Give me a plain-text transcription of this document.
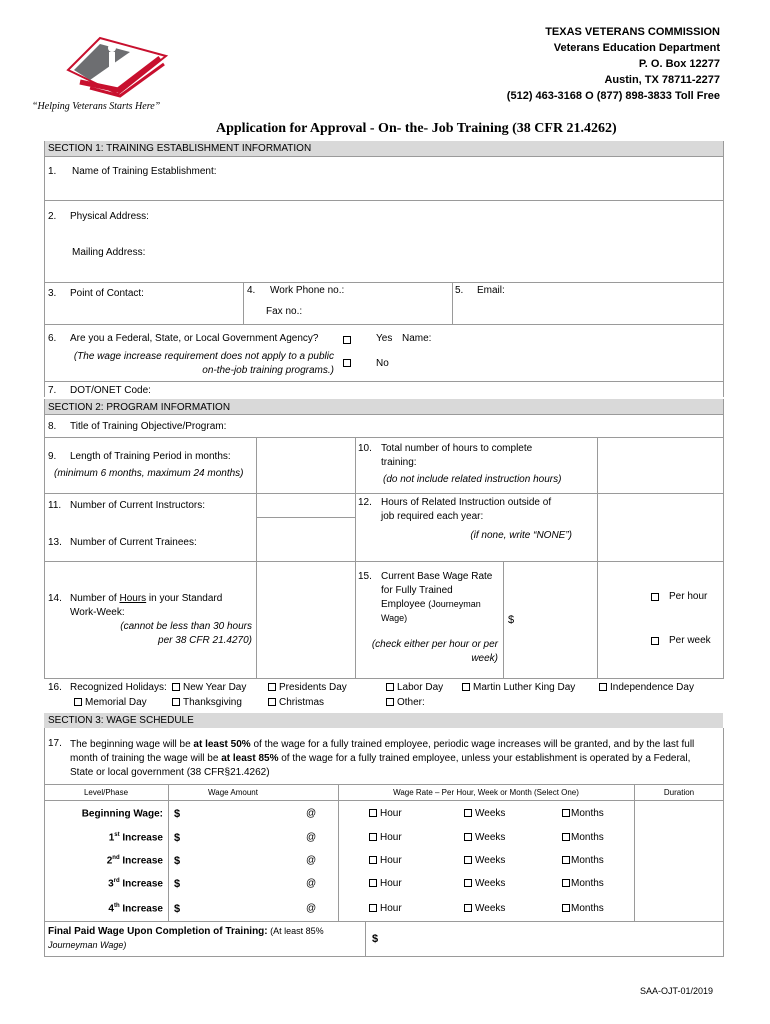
“Helping Veterans Starts Here”
TEXAS VETERANS COMMISSION
Veterans Education Department
P. O. Box 12277
Austin, TX 78711-2277
(512) 463-3168 O (877) 898-3833 Toll Free
Application for Approval - On- the- Job Training (38 CFR 21.4262)
SECTION 1: TRAINING ESTABLISHMENT INFORMATION
1. Name of Training Establishment:
2. Physical Address:
Mailing Address:
3. Point of Contact:	4. Work Phone no.:
Fax no.:
5. Email:
6. Are you a Federal, State, or Local Government Agency?
(The wage increase requirement does not apply to a public
on-the-job training programs.)
Yes Name:
No
7. DOT/ONET Code:
SECTION 2: PROGRAM INFORMATION
8. Title of Training Objective/Program:
9. Length of Training Period in months:
(minimum 6 months, maximum 24 months)
10. Total number of hours to complete
training:
(do not include related instruction hours)
11. Number of Current Instructors:	12. Hours of Related Instruction outside of
job required each year:
(if none, write “NONE”)
13. Number of Current Trainees:
14. Number of Hours in your Standard
Work-Week:
(cannot be less than 30 hours
per 38 CFR 21.4270)
15. Current Base Wage Rate
for Fully Trained
Employee (Journeyman
Wage)
(check either per hour or per
week)
$
Per hour
Per week
16. Recognized Holidays:	New Year Day	Presidents Day	Labor Day	Martin Luther King Day	Independence Day
Memorial Day	Thanksgiving	Christmas	Other:
SECTION 3: WAGE SCHEDULE
17. The beginning wage will be at least 50% of the wage for a fully trained employee, periodic wage increases will be granted, and by the last full
month of training the wage will be at least 85% of the wage for a fully trained employee, unless your establishment is operated by a Federal,
State or local government (38 CFR§21.4262)
Level/Phase	Wage Amount	Wage Rate – Per Hour, Week or Month (Select One)	Duration
Beginning Wage: $	@	Hour	Weeks	Months
1st Increase $	@	Hour	Weeks	Months
2nd Increase $	@	Hour	Weeks	Months
3rd Increase $	@	Hour	Weeks	Months
4th Increase $	@	Hour	Weeks	Months
Final Paid Wage Upon Completion of Training: (At least 85%
Journeyman Wage)	$
SAA-OJT-01/2019
